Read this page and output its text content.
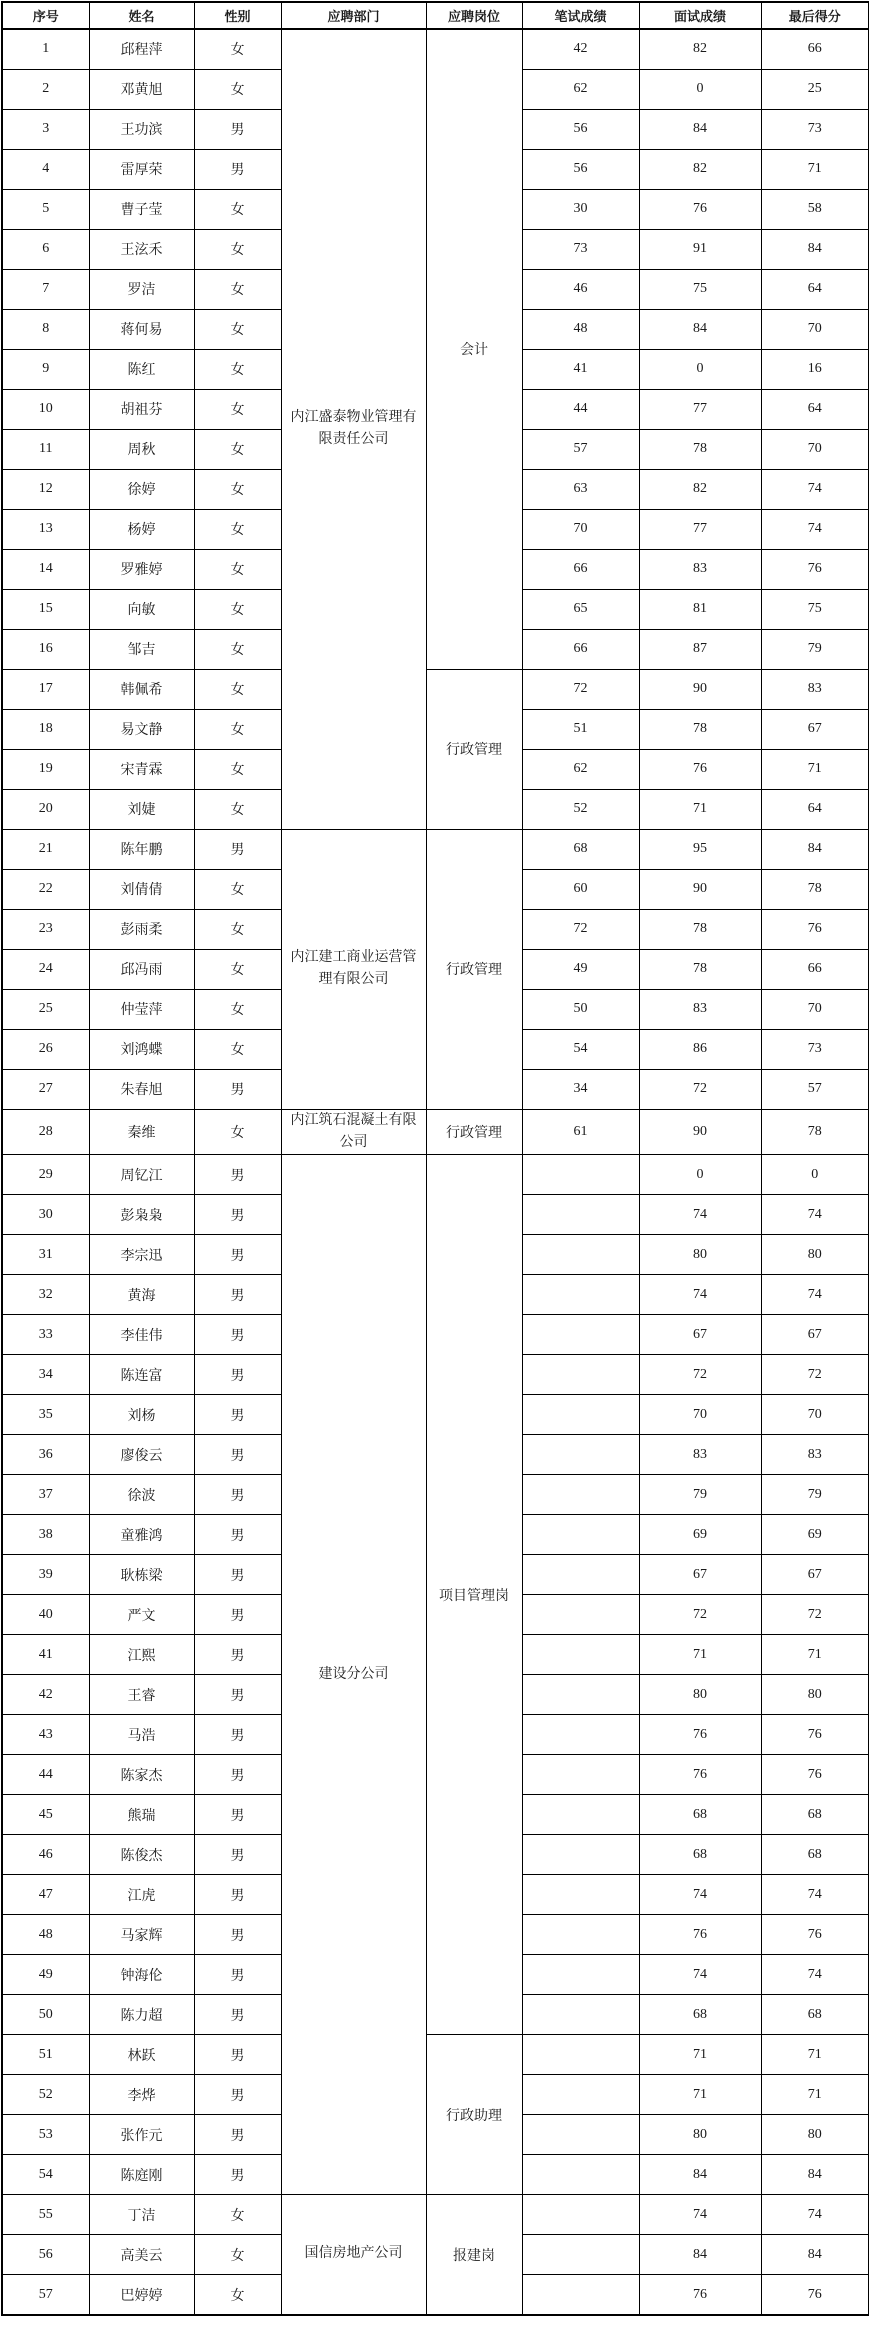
序号	姓名	性别	应聘部门	应聘岗位	笔试成绩	面试成绩	最后得分
1	邱程萍	女	内江盛泰物业管理有限责任公司	会计	42	82	66
2	邓黄旭	女			62	0	25
3	王功滨	男			56	84	73
4	雷厚荣	男			56	82	71
5	曹子莹	女			30	76	58
6	王泫禾	女			73	91	84
7	罗洁	女			46	75	64
8	蒋何易	女			48	84	70
9	陈红	女			41	0	16
10	胡祖芬	女			44	77	64
11	周秋	女			57	78	70
12	徐婷	女			63	82	74
13	杨婷	女			70	77	74
14	罗雅婷	女			66	83	76
15	向敏	女			65	81	75
16	邹吉	女			66	87	79
17	韩佩希	女		行政管理	72	90	83
18	易文静	女			51	78	67
19	宋青霖	女			62	76	71
20	刘婕	女			52	71	64
21	陈年鹏	男	内江建工商业运营管理有限公司	行政管理	68	95	84
22	刘倩倩	女			60	90	78
23	彭雨柔	女			72	78	76
24	邱冯雨	女			49	78	66
25	仲莹萍	女			50	83	70
26	刘鸿蝶	女			54	86	73
27	朱春旭	男			34	72	57
28	秦维	女	内江筑石混凝土有限公司	行政管理	61	90	78
29	周钇江	男	建设分公司	项目管理岗		0	0
30	彭枭枭	男				74	74
31	李宗迅	男				80	80
32	黄海	男				74	74
33	李佳伟	男				67	67
34	陈连富	男				72	72
35	刘杨	男				70	70
36	廖俊云	男				83	83
37	徐波	男				79	79
38	童雅鸿	男				69	69
39	耿栋梁	男				67	67
40	严文	男				72	72
41	江熙	男				71	71
42	王睿	男				80	80
43	马浩	男				76	76
44	陈家杰	男				76	76
45	熊瑞	男				68	68
46	陈俊杰	男				68	68
47	江虎	男				74	74
48	马家辉	男				76	76
49	钟海伦	男				74	74
50	陈力超	男				68	68
51	林跃	男		行政助理		71	71
52	李烨	男				71	71
53	张作元	男				80	80
54	陈庭刚	男				84	84
55	丁洁	女	国信房地产公司	报建岗		74	74
56	高美云	女				84	84
57	巴婷婷	女				76	76
